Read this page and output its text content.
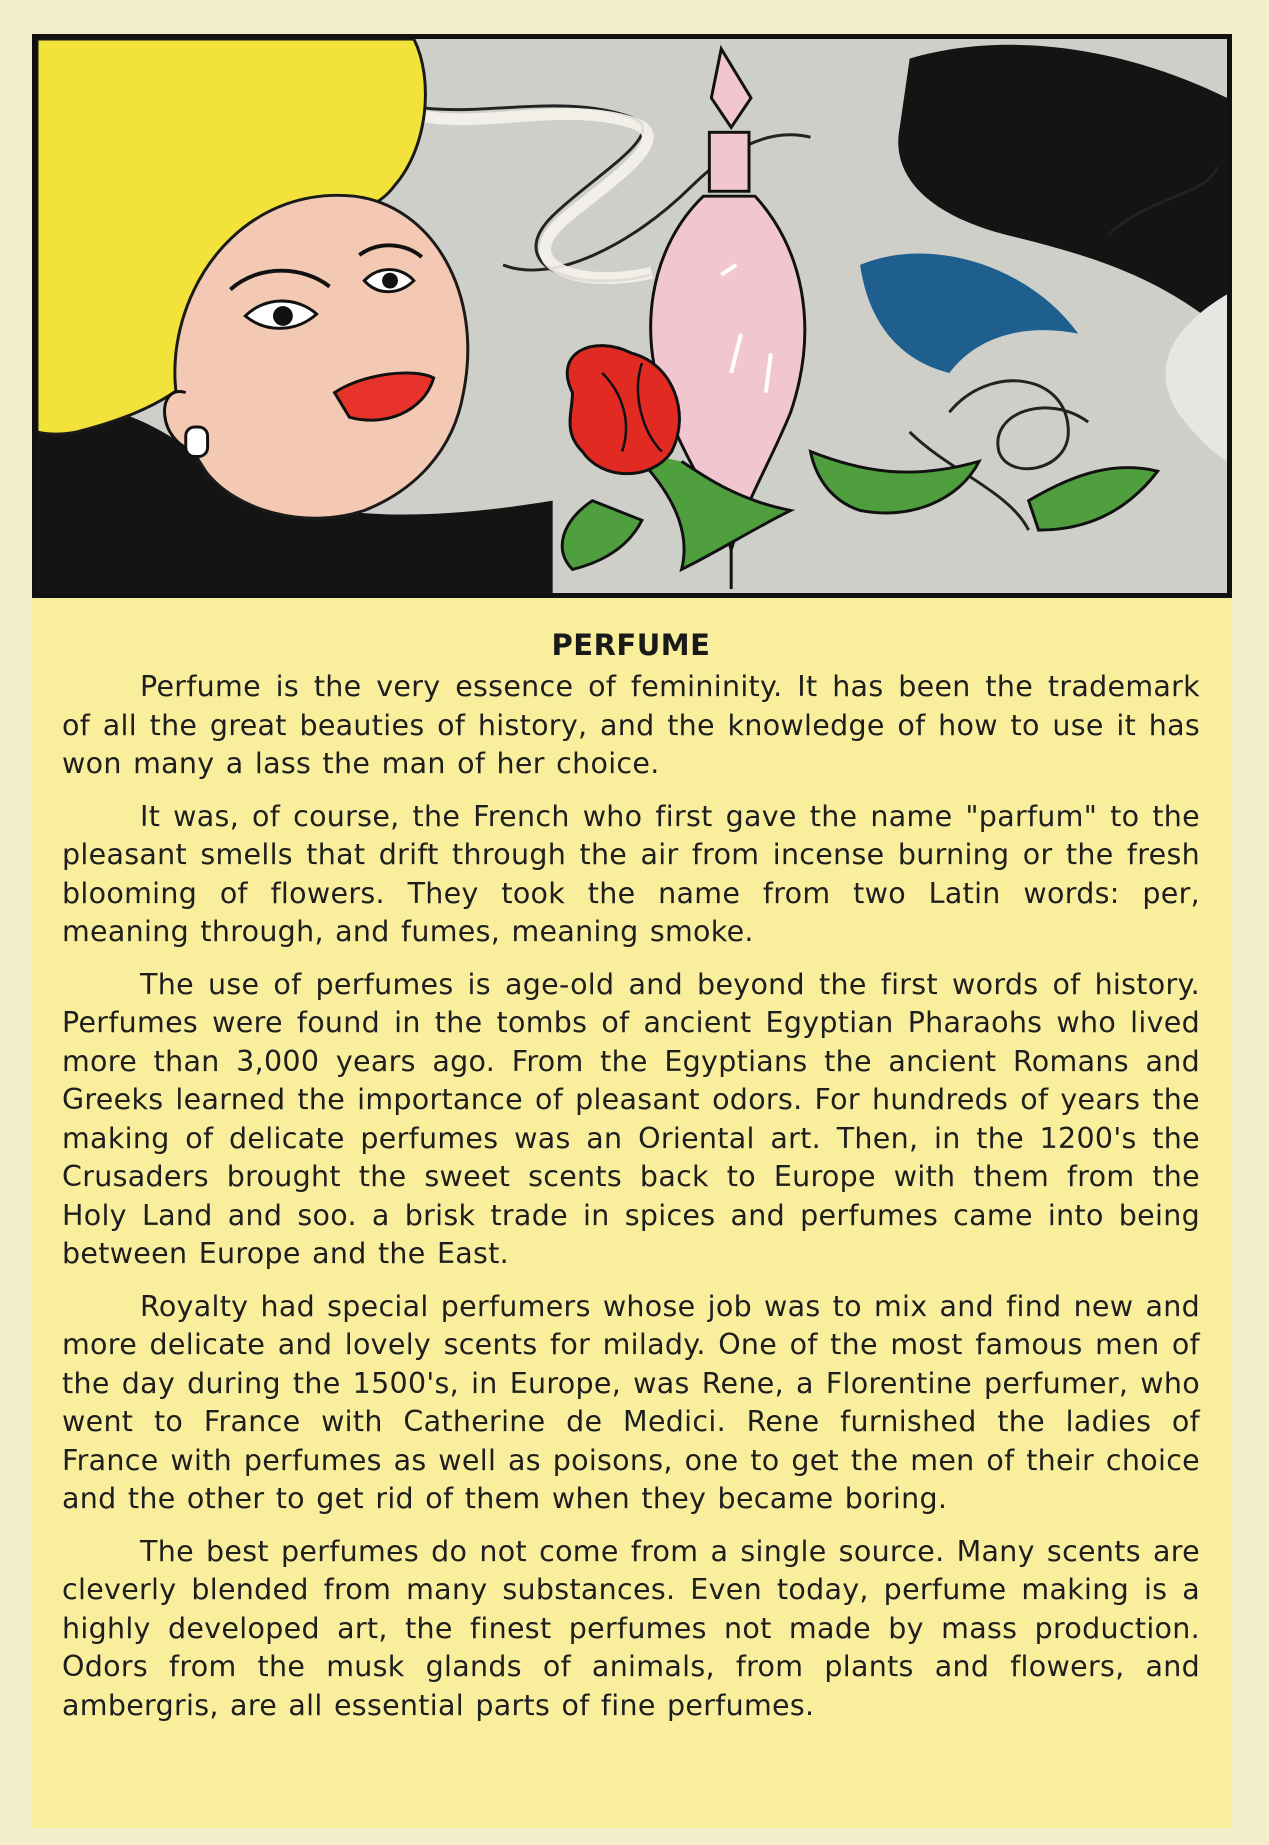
PERFUME

Perfume is the very essence of femininity. It has been the trademark of all the great beauties of history, and the knowledge of how to use it has won many a lass the man of her choice.

It was, of course, the French who first gave the name "parfum" to the pleasant smells that drift through the air from incense burning or the fresh blooming of flowers. They took the name from two Latin words: per, meaning through, and fumes, meaning smoke.

The use of perfumes is age-old and beyond the first words of history. Perfumes were found in the tombs of ancient Egyptian Pharaohs who lived more than 3,000 years ago. From the Egyptians the ancient Romans and Greeks learned the importance of pleasant odors. For hundreds of years the making of delicate perfumes was an Oriental art. Then, in the 1200's the Crusaders brought the sweet scents back to Europe with them from the Holy Land and soo. a brisk trade in spices and perfumes came into being between Europe and the East.

Royalty had special perfumers whose job was to mix and find new and more delicate and lovely scents for milady. One of the most famous men of the day during the 1500's, in Europe, was Rene, a Florentine perfumer, who went to France with Catherine de Medici. Rene furnished the ladies of France with perfumes as well as poisons, one to get the men of their choice and the other to get rid of them when they became boring.

The best perfumes do not come from a single source. Many scents are cleverly blended from many substances. Even today, perfume making is a highly developed art, the finest perfumes not made by mass production. Odors from the musk glands of animals, from plants and flowers, and ambergris, are all essential parts of fine perfumes.
